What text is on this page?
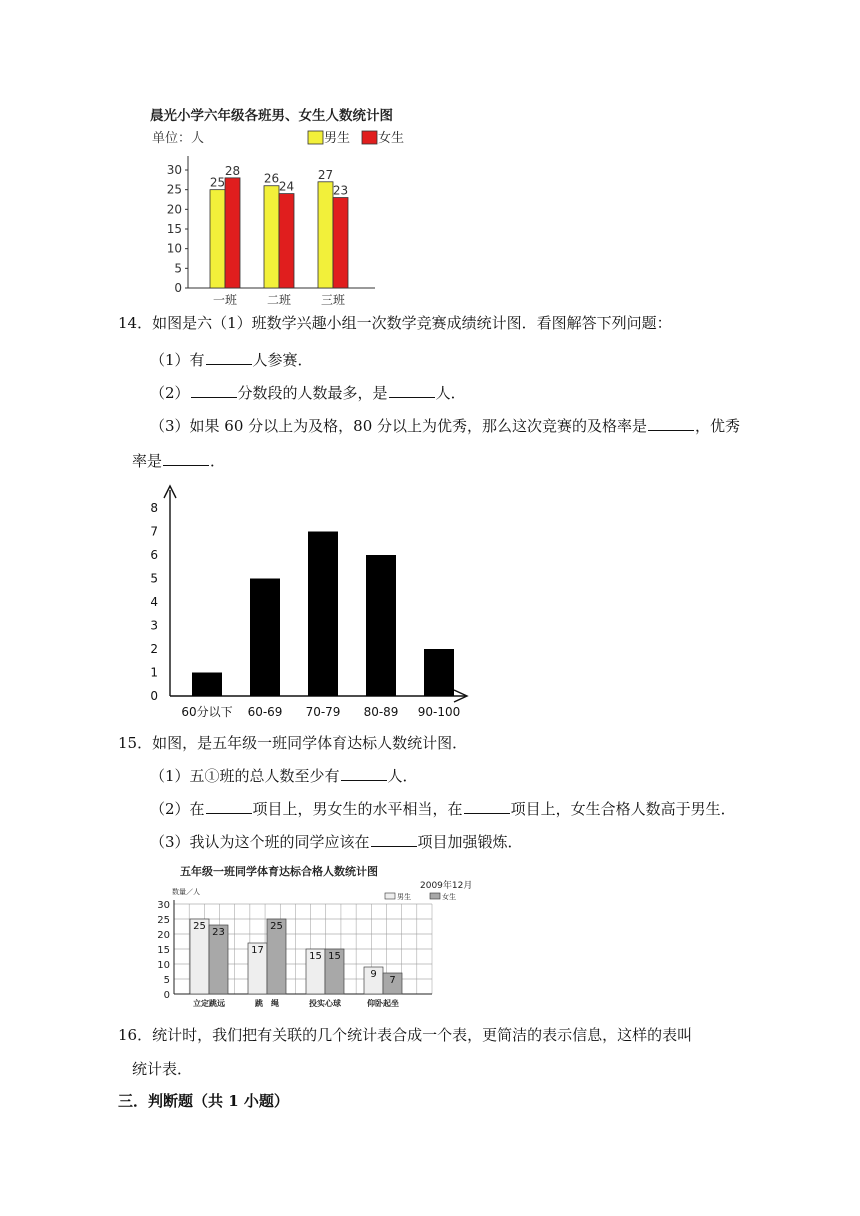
晨光小学六年级各班男、女生人数统计图
单位：人	男生 女生
0
5
10
15
20
25
30
25
28
一班
26
24
二班
27
23
三班
14．如图是六（1）班数学兴趣小组一次数学竞赛成绩统计图．看图解答下列问题：
（1）有	人参赛．
（2）	分数段的人数最多，是	人．
（3）如果 60 分以上为及格，80 分以上为优秀，那么这次竞赛的及格率是	，优秀
率是	．
0
1
2
3
4
5
6
7
8
60分以下 60-69 70-79 80-89 90-100
15．如图，是五年级一班同学体育达标人数统计图．
（1）五①班的总人数至少有	人．
（2）在	项目上，男女生的水平相当，在	项目上，女生合格人数高于男生．
（3）我认为这个班的同学应该在	项目加强锻炼．
五年级一班同学体育达标合格人数统计图
2009年12月
数量／人
男生	女生
0
5
10
15
20
25
30
25
23
立定跳远
17
25
跳　绳
15 15
投实心球
9
7
仰卧起坐
16．统计时，我们把有关联的几个统计表合成一个表，更简洁的表示信息，这样的表叫
统计表．
三．判断题（共 1 小题）
